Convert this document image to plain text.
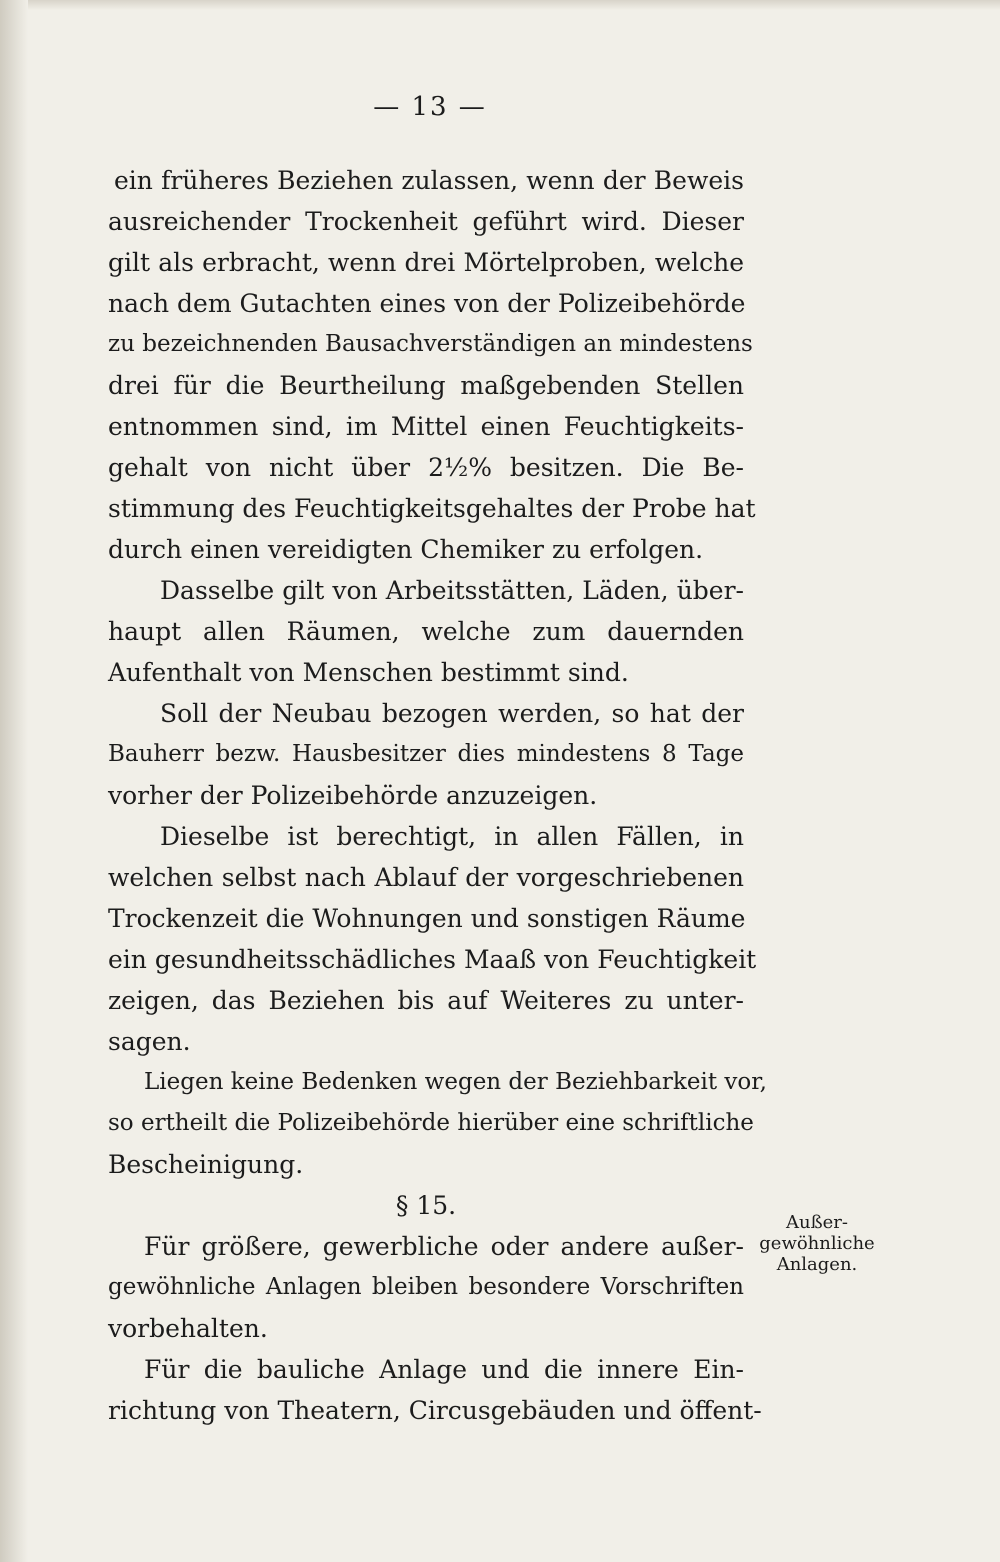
— 13 —
ein früheres Beziehen zulassen, wenn der Beweis
ausreichender Trockenheit geführt wird. Dieser
gilt als erbracht, wenn drei Mörtelproben, welche
nach dem Gutachten eines von der Polizeibehörde
zu bezeichnenden Bausachverständigen an mindestens
drei für die Beurtheilung maßgebenden Stellen
entnommen sind, im Mittel einen Feuchtigkeits-
gehalt von nicht über 2½% besitzen. Die Be-
stimmung des Feuchtigkeitsgehaltes der Probe hat
durch einen vereidigten Chemiker zu erfolgen.
Dasselbe gilt von Arbeitsstätten, Läden, über-
haupt allen Räumen, welche zum dauernden
Aufenthalt von Menschen bestimmt sind.
Soll der Neubau bezogen werden, so hat der
Bauherr bezw. Hausbesitzer dies mindestens 8 Tage
vorher der Polizeibehörde anzuzeigen.
Dieselbe ist berechtigt, in allen Fällen, in
welchen selbst nach Ablauf der vorgeschriebenen
Trockenzeit die Wohnungen und sonstigen Räume
ein gesundheitsschädliches Maaß von Feuchtigkeit
zeigen, das Beziehen bis auf Weiteres zu unter-
sagen.
Liegen keine Bedenken wegen der Beziehbarkeit vor,
so ertheilt die Polizeibehörde hierüber eine schriftliche
Bescheinigung.
§ 15.
Für größere, gewerbliche oder andere außer-
gewöhnliche Anlagen bleiben besondere Vorschriften
vorbehalten.
Für die bauliche Anlage und die innere Ein-
richtung von Theatern, Circusgebäuden und öffent-
Außer-
gewöhnliche
Anlagen.
